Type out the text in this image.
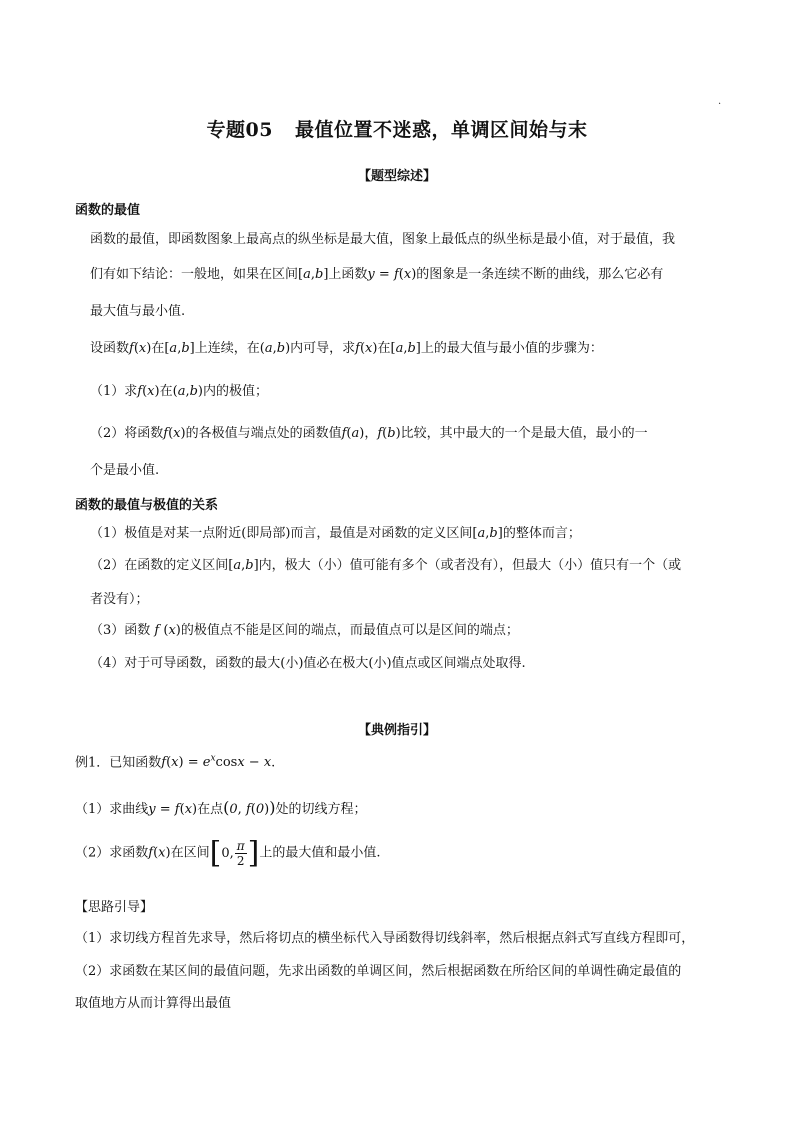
.
专题05 最值位置不迷惑，单调区间始与末
【题型综述】
函数的最值
函数的最值，即函数图象上最高点的纵坐标是最大值，图象上最低点的纵坐标是最小值，对于最值，我
们有如下结论：一般地，如果在区间[a,b]上函数y = f(x)的图象是一条连续不断的曲线，那么它必有
最大值与最小值.
设函数f(x)在[a,b]上连续，在(a,b)内可导，求f(x)在[a,b]上的最大值与最小值的步骤为：
（1）求f(x)在(a,b)内的极值；
（2）将函数f(x)的各极值与端点处的函数值f(a)，f(b)比较，其中最大的一个是最大值，最小的一
个是最小值.
函数的最值与极值的关系
（1）极值是对某一点附近(即局部)而言，最值是对函数的定义区间[a,b]的整体而言；
（2）在函数的定义区间[a,b]内，极大（小）值可能有多个（或者没有），但最大（小）值只有一个（或
者没有）；
（3）函数 f (x)的极值点不能是区间的端点，而最值点可以是区间的端点；
（4）对于可导函数，函数的最大(小)值必在极大(小)值点或区间端点处取得.
【典例指引】
例1．已知函数$f(x) = e^x\cos x - x$.
（1）求曲线y = f(x)在点(0, f(0))处的切线方程；
（2）求函数f(x)在区间[0, $\frac{\pi}{2}$ ]上的最大值和最小值.
【思路引导】
（1）求切线方程首先求导，然后将切点的横坐标代入导函数得切线斜率，然后根据点斜式写直线方程即可，
（2）求函数在某区间的最值问题，先求出函数的单调区间，然后根据函数在所给区间的单调性确定最值的
取值地方从而计算得出最值
